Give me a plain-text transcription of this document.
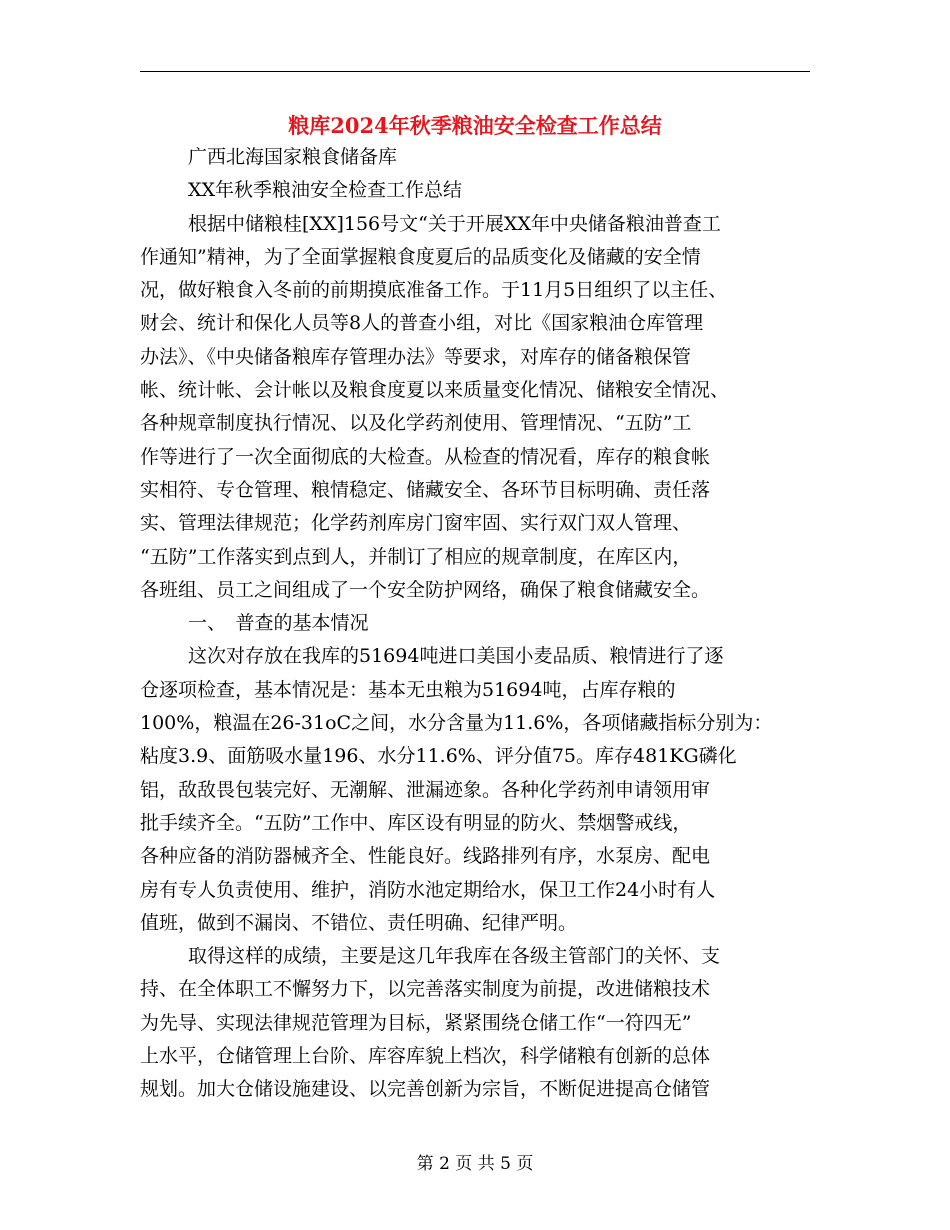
粮库2024年秋季粮油安全检查工作总结
广西北海国家粮食储备库
XX年秋季粮油安全检查工作总结
根据中储粮桂[XX]156号文“关于开展XX年中央储备粮油普查工
作通知”精神，为了全面掌握粮食度夏后的品质变化及储藏的安全情
况，做好粮食入冬前的前期摸底准备工作。于11月5日组织了以主任、
财会、统计和保化人员等8人的普查小组，对比《国家粮油仓库管理
办法》、《中央储备粮库存管理办法》等要求，对库存的储备粮保管
帐、统计帐、会计帐以及粮食度夏以来质量变化情况、储粮安全情况、
各种规章制度执行情况、以及化学药剂使用、管理情况、“五防”工
作等进行了一次全面彻底的大检查。从检查的情况看，库存的粮食帐
实相符、专仓管理、粮情稳定、储藏安全、各环节目标明确、责任落
实、管理法律规范；化学药剂库房门窗牢固、实行双门双人管理、
“五防”工作落实到点到人，并制订了相应的规章制度，在库区内，
各班组、员工之间组成了一个安全防护网络，确保了粮食储藏安全。
一、　普查的基本情况
这次对存放在我库的51694吨进口美国小麦品质、粮情进行了逐
仓逐项检查，基本情况是：基本无虫粮为51694吨，占库存粮的
100%，粮温在26-31oC之间，水分含量为11.6%，各项储藏指标分别为：
粘度3.9、面筋吸水量196、水分11.6%、评分值75。库存481KG磷化
铝，敌敌畏包装完好、无潮解、泄漏迹象。各种化学药剂申请领用审
批手续齐全。“五防”工作中、库区设有明显的防火、禁烟警戒线，
各种应备的消防器械齐全、性能良好。线路排列有序，水泵房、配电
房有专人负责使用、维护，消防水池定期给水，保卫工作24小时有人
值班，做到不漏岗、不错位、责任明确、纪律严明。
取得这样的成绩，主要是这几年我库在各级主管部门的关怀、支
持、在全体职工不懈努力下，以完善落实制度为前提，改进储粮技术
为先导、实现法律规范管理为目标，紧紧围绕仓储工作“一符四无”
上水平，仓储管理上台阶、库容库貌上档次，科学储粮有创新的总体
规划。加大仓储设施建设、以完善创新为宗旨，不断促进提高仓储管
第 2 页 共 5 页
